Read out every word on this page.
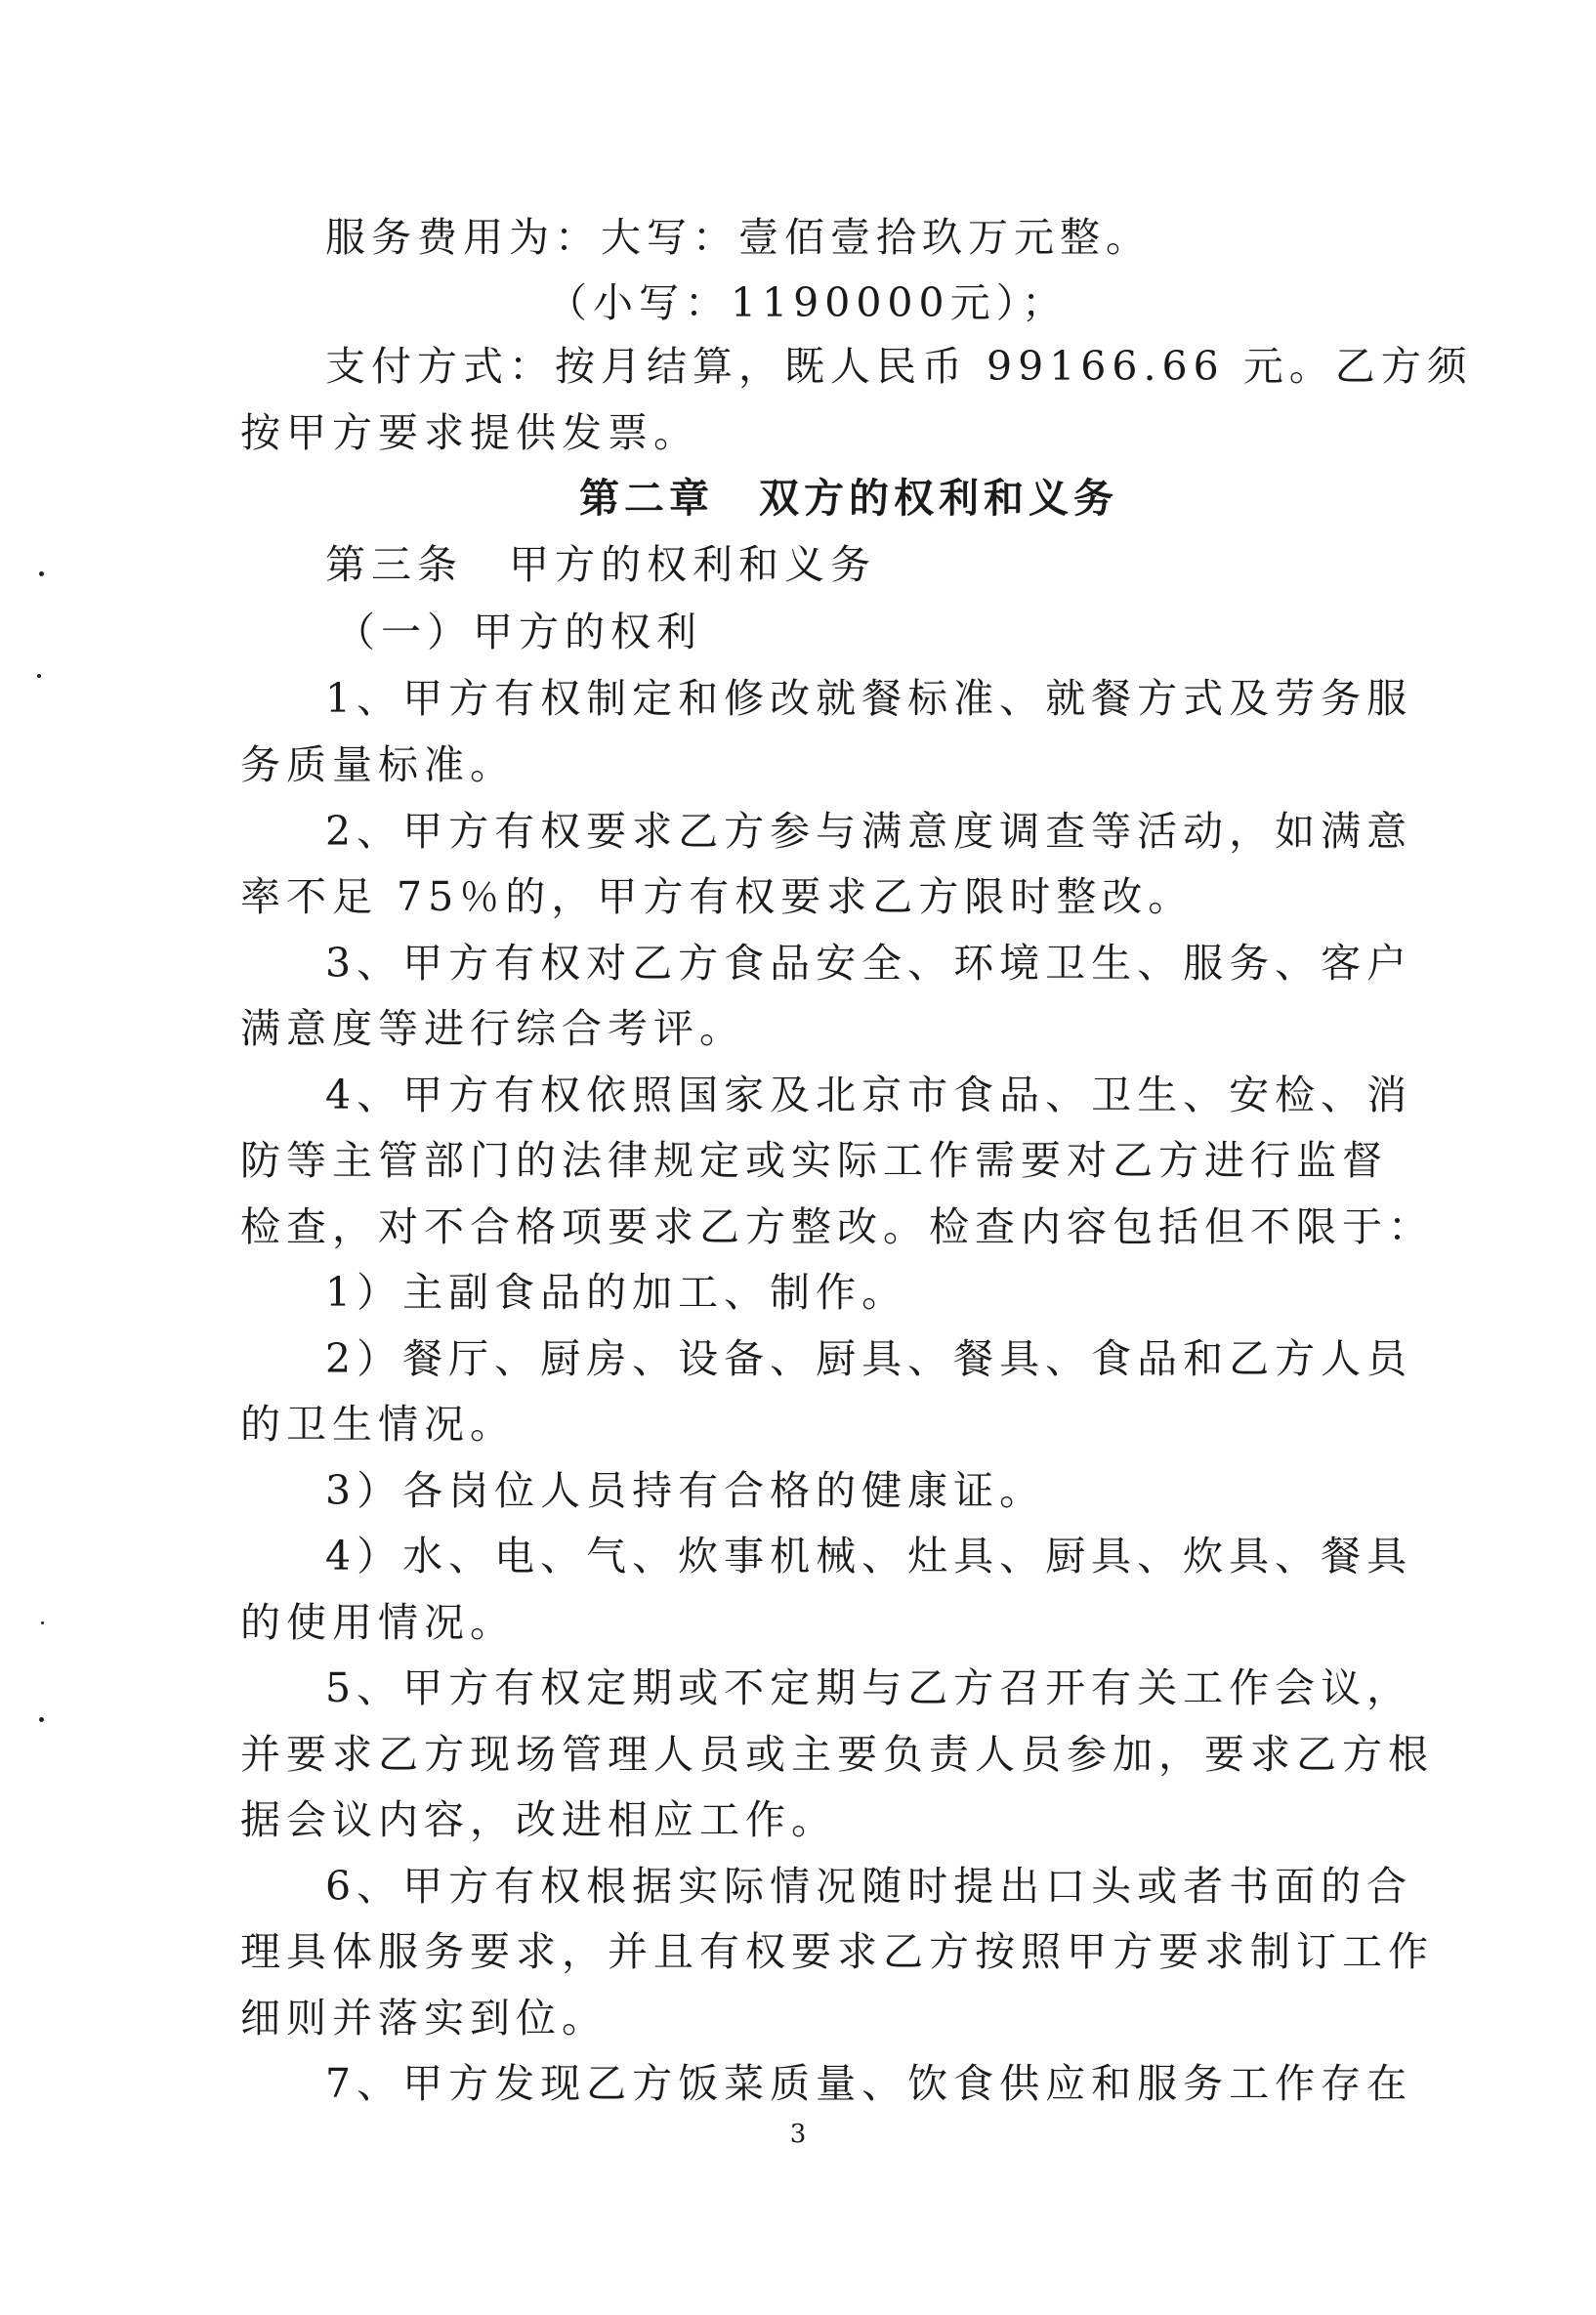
服务费用为：大写：壹佰壹拾玖万元整。
（小写：1190000元）；
支付方式：按月结算，既人民币 99166.66 元。乙方须
按甲方要求提供发票。
第二章　双方的权利和义务
第三条　甲方的权利和义务
（一）甲方的权利
1、甲方有权制定和修改就餐标准、就餐方式及劳务服
务质量标准。
2、甲方有权要求乙方参与满意度调查等活动，如满意
率不足 75％的，甲方有权要求乙方限时整改。
3、甲方有权对乙方食品安全、环境卫生、服务、客户
满意度等进行综合考评。
4、甲方有权依照国家及北京市食品、卫生、安检、消
防等主管部门的法律规定或实际工作需要对乙方进行监督
检查，对不合格项要求乙方整改。检查内容包括但不限于：
1）主副食品的加工、制作。
2）餐厅、厨房、设备、厨具、餐具、食品和乙方人员
的卫生情况。
3）各岗位人员持有合格的健康证。
4）水、电、气、炊事机械、灶具、厨具、炊具、餐具
的使用情况。
5、甲方有权定期或不定期与乙方召开有关工作会议，
并要求乙方现场管理人员或主要负责人员参加，要求乙方根
据会议内容，改进相应工作。
6、甲方有权根据实际情况随时提出口头或者书面的合
理具体服务要求，并且有权要求乙方按照甲方要求制订工作
细则并落实到位。
7、甲方发现乙方饭菜质量、饮食供应和服务工作存在
3
